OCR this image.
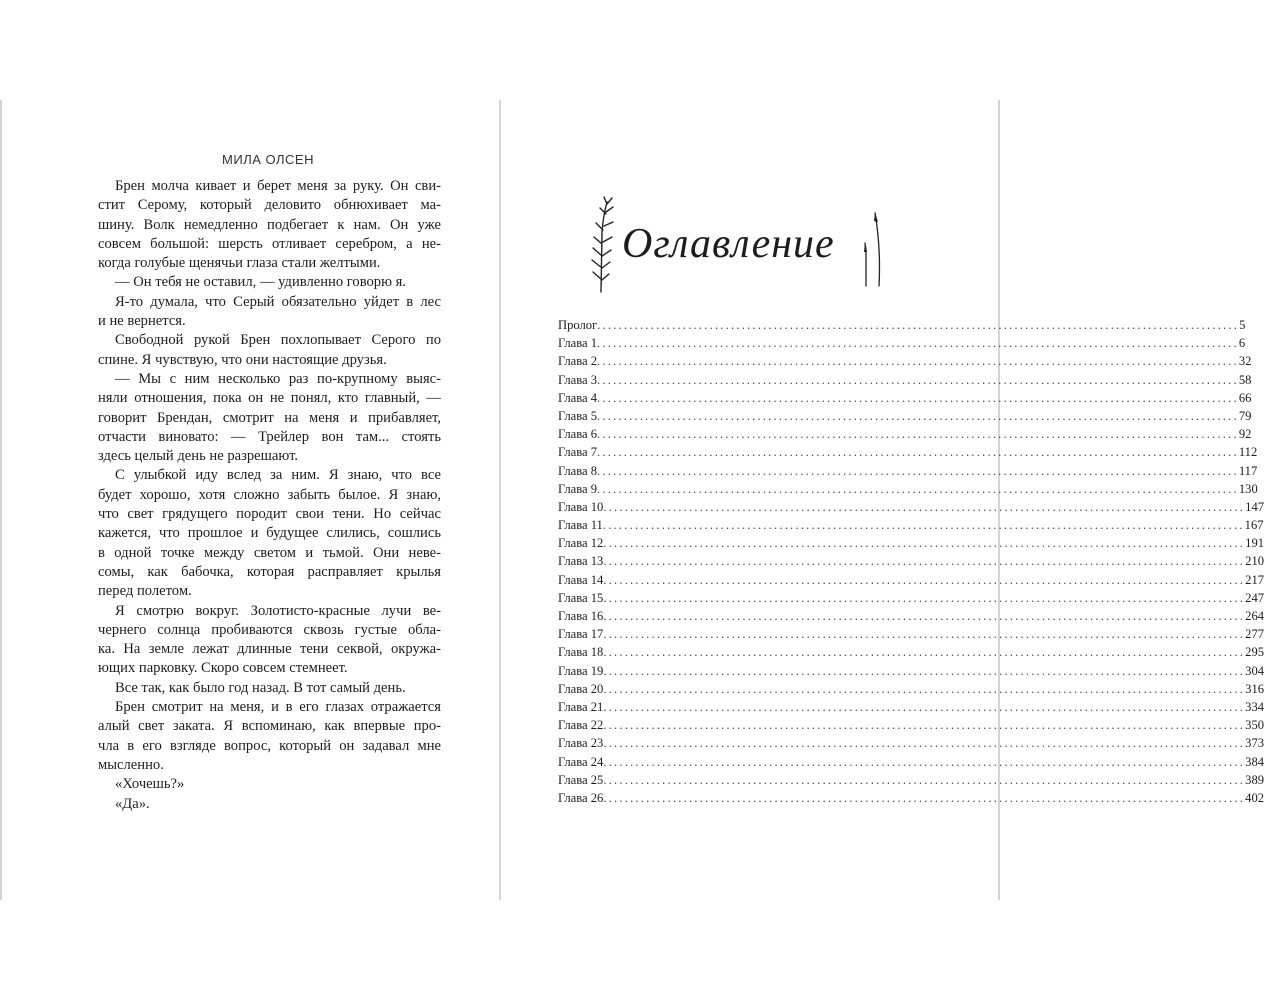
МИЛА ОЛСЕН
Брен молча кивает и берет меня за руку. Он сви-
стит Серому, который деловито обнюхивает ма-
шину. Волк немедленно подбегает к нам. Он уже
совсем большой: шерсть отливает серебром, а не-
когда голубые щенячьи глаза стали желтыми.
— Он тебя не оставил, — удивленно говорю я.
Я-то думала, что Серый обязательно уйдет в лес
и не вернется.
Свободной рукой Брен похлопывает Серого по
спине. Я чувствую, что они настоящие друзья.
— Мы с ним несколько раз по-крупному выяс-
няли отношения, пока он не понял, кто главный, —
говорит Брендан, смотрит на меня и прибавляет,
отчасти виновато: — Трейлер вон там... стоять
здесь целый день не разрешают.
С улыбкой иду вслед за ним. Я знаю, что все
будет хорошо, хотя сложно забыть былое. Я знаю,
что свет грядущего породит свои тени. Но сейчас
кажется, что прошлое и будущее слились, сошлись
в одной точке между светом и тьмой. Они неве-
сомы, как бабочка, которая расправляет крылья
перед полетом.
Я смотрю вокруг. Золотисто-красные лучи ве-
чернего солнца пробиваются сквозь густые обла-
ка. На земле лежат длинные тени секвой, окружа-
ющих парковку. Скоро совсем стемнеет.
Все так, как было год назад. В тот самый день.
Брен смотрит на меня, и в его глазах отражается
алый свет заката. Я вспоминаю, как впервые про-
чла в его взгляде вопрос, который он задавал мне
мысленно.
«Хочешь?»
«Да».
Оглавление
Пролог ........................................................................................................................ 5
Глава 1 ........................................................................................................................ 6
Глава 2 ........................................................................................................................ 32
Глава 3 ........................................................................................................................ 58
Глава 4 ........................................................................................................................ 66
Глава 5 ........................................................................................................................ 79
Глава 6 ........................................................................................................................ 92
Глава 7 ........................................................................................................................ 112
Глава 8 ........................................................................................................................ 117
Глава 9 ........................................................................................................................ 130
Глава 10 ........................................................................................................................ 147
Глава 11 ........................................................................................................................ 167
Глава 12 ........................................................................................................................ 191
Глава 13 ........................................................................................................................ 210
Глава 14 ........................................................................................................................ 217
Глава 15 ........................................................................................................................ 247
Глава 16 ........................................................................................................................ 264
Глава 17 ........................................................................................................................ 277
Глава 18 ........................................................................................................................ 295
Глава 19 ........................................................................................................................ 304
Глава 20 ........................................................................................................................ 316
Глава 21 ........................................................................................................................ 334
Глава 22 ........................................................................................................................ 350
Глава 23 ........................................................................................................................ 373
Глава 24 ........................................................................................................................ 384
Глава 25 ........................................................................................................................ 389
Глава 26 ........................................................................................................................ 402
